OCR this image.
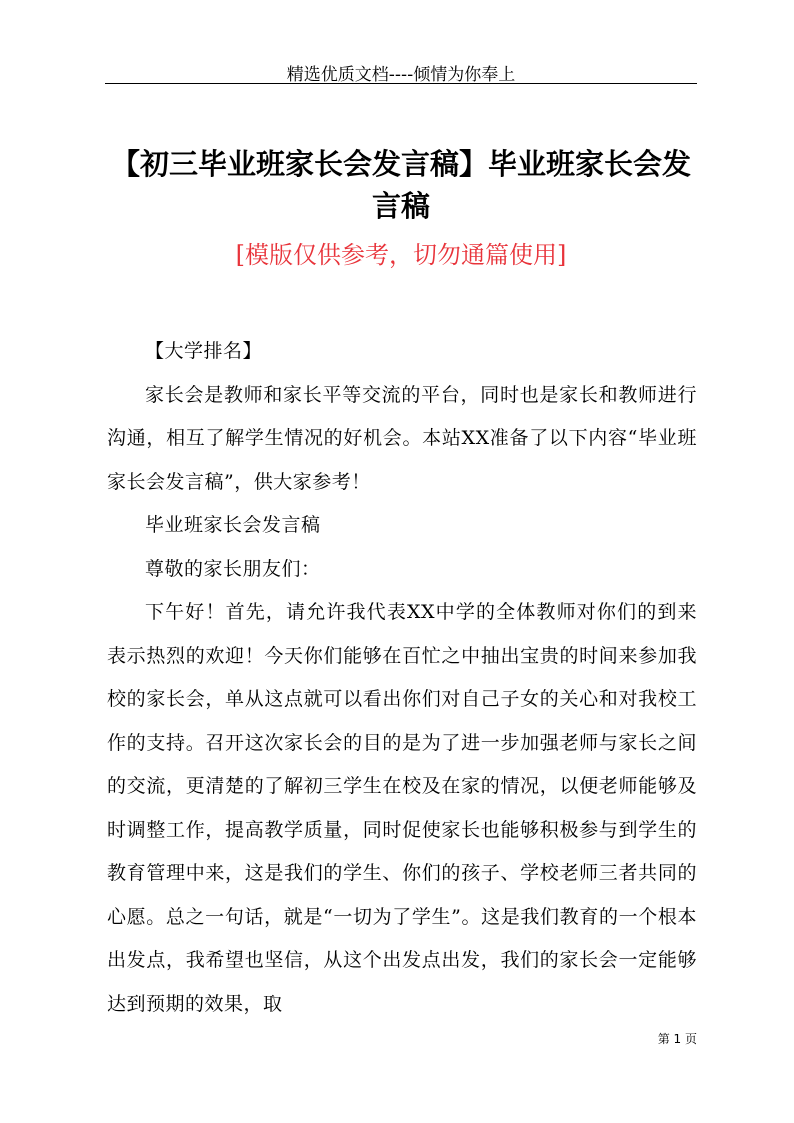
精选优质文档----倾情为你奉上
【初三毕业班家长会发言稿】毕业班家长会发言稿
[模版仅供参考，切勿通篇使用]

【大学排名】

家长会是教师和家长平等交流的平台，同时也是家长和教师进行沟通，相互了解学生情况的好机会。本站XX准备了以下内容“毕业班家长会发言稿”，供大家参考！

毕业班家长会发言稿

尊敬的家长朋友们：

下午好！首先，请允许我代表XX中学的全体教师对你们的到来表示热烈的欢迎！今天你们能够在百忙之中抽出宝贵的时间来参加我校的家长会，单从这点就可以看出你们对自己子女的关心和对我校工作的支持。召开这次家长会的目的是为了进一步加强老师与家长之间的交流，更清楚的了解初三学生在校及在家的情况，以便老师能够及时调整工作，提高教学质量，同时促使家长也能够积极参与到学生的教育管理中来，这是我们的学生、你们的孩子、学校老师三者共同的心愿。总之一句话，就是“一切为了学生”。这是我们教育的一个根本出发点，我希望也坚信，从这个出发点出发，我们的家长会一定能够达到预期的效果，取

第 1 页
